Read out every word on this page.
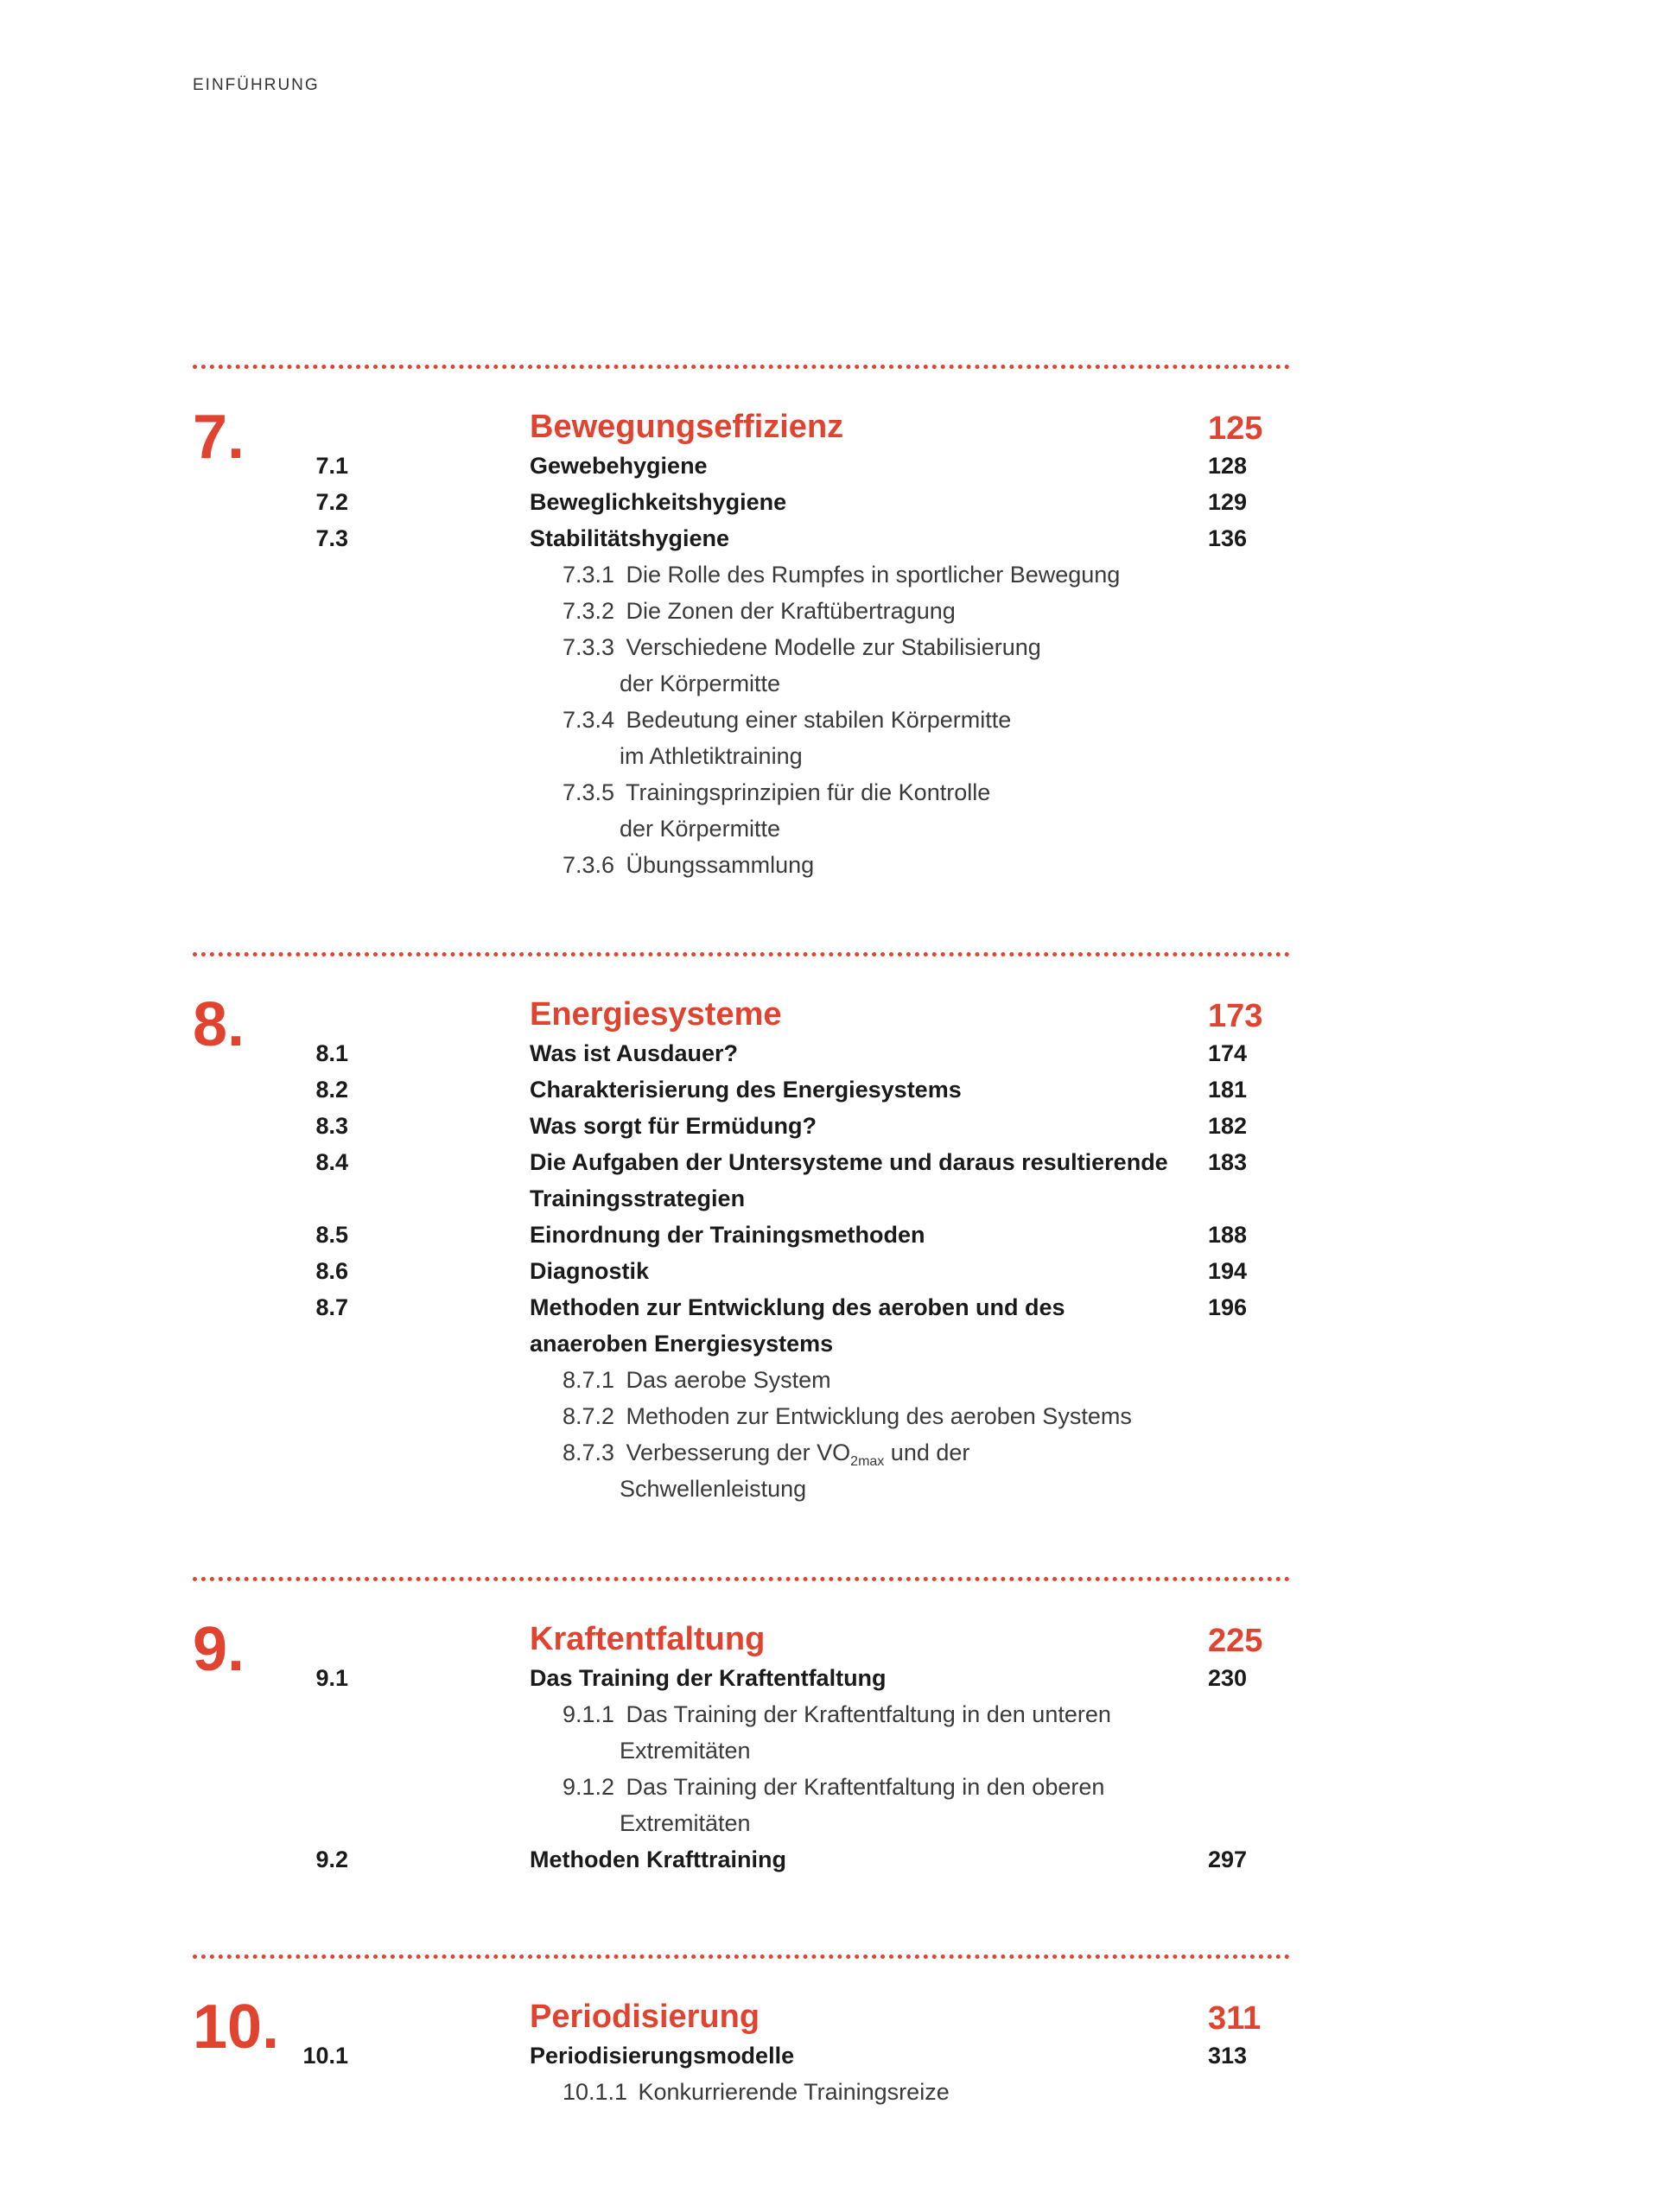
EINFÜHRUNG
7.	Bewegungseffizienz	125
7.1	Gewebehygiene	128
7.2	Beweglichkeitshygiene	129
7.3	Stabilitätshygiene	136
7.3.1 Die Rolle des Rumpfes in sportlicher Bewegung
7.3.2 Die Zonen der Kraftübertragung
7.3.3 Verschiedene Modelle zur Stabilisierung
der Körpermitte
7.3.4 Bedeutung einer stabilen Körpermitte
im Athletiktraining
7.3.5 Trainingsprinzipien für die Kontrolle
der Körpermitte
7.3.6 Übungssammlung
8.	Energiesysteme	173
8.1	Was ist Ausdauer?	174
8.2	Charakterisierung des Energiesystems	181
8.3	Was sorgt für Ermüdung?	182
8.4	Die Aufgaben der Untersysteme und daraus resultierende	183
Trainingsstrategien
8.5	Einordnung der Trainingsmethoden	188
8.6	Diagnostik	194
8.7	Methoden zur Entwicklung des aeroben und des	196
anaeroben Energiesystems
8.7.1 Das aerobe System
8.7.2 Methoden zur Entwicklung des aeroben Systems
8.7.3 Verbesserung der $VO_{2max}$ und der
Schwellenleistung
9.	Kraftentfaltung	225
9.1	Das Training der Kraftentfaltung	230
9.1.1 Das Training der Kraftentfaltung in den unteren
Extremitäten
9.1.2 Das Training der Kraftentfaltung in den oberen
Extremitäten
9.2	Methoden Krafttraining	297
10.	Periodisierung	311
10.1	Periodisierungsmodelle	313
10.1.1 Konkurrierende Trainingsreize
